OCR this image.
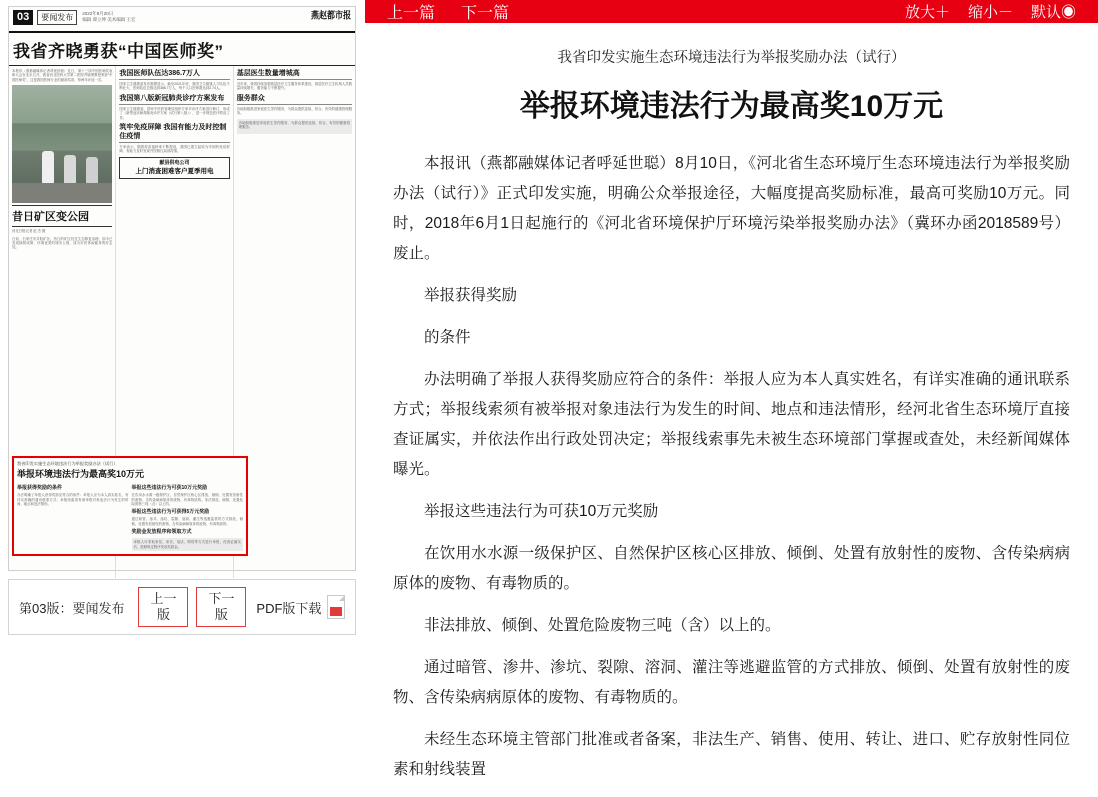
03	要闻发布	2022年8月20日
编辑 谭立坤 美术编辑 王宏	燕赵都市报
我省齐晓勇获“中国医师奖”
本报讯（燕都融媒体记者呼延世聪）近日，第十三届中国医师奖表彰大会在北京召开，我省河北医科大学第二医院齐晓勇教授荣获“中国医师奖”，这是我国医师行业的最高奖项，每两年评选一次。
昔日矿区变公园
河北日报记者 赵 杰 摄
日前，石家庄市井陉矿区，昔日的矿区经过生态修复治理，如今已变成绿树成荫、环境优美的城市公园，成为市民休闲健身的好去处。
我国医师队伍达386.7万人
国家卫生健康委发布数据显示，截至2021年底，我国卫生健康人才队伍不断壮大，医师队伍总数达到386.7万人，每千人口医师数达到2.74人。
我国第八版新冠肺炎诊疗方案发布
国家卫生健康委、国家中医药管理局组织专家对诊疗方案进行修订，形成了《新型冠状病毒肺炎诊疗方案（试行第八版）》，进一步规范医疗救治工作。
筑牢免疫屏障 我国有能力及时控制住疫情
专家表示，随着疫苗接种率不断提高，我国已建立起较为牢固的免疫屏障，有能力及时发现并控制住局部疫情。
献县供电公司
上门消查困难客户夏季用电
基层医生数量增城高
近年来，我国持续加强基层医疗卫生服务体系建设，基层医疗卫生机构人员数量持续增长，服务能力不断提升。
服务群众
各地积极推进家庭医生签约服务，为群众提供连续、综合、有效的健康管理服务。
各地积极推进家庭医生签约服务，为群众提供连续、综合、有效的健康管理服务。
我省印发实施生态环境违法行为举报奖励办法（试行）
举报环境违法行为最高奖10万元
举报获得奖励的条件
办法明确了举报人获得奖励应符合的条件：举报人应为本人真实姓名，有详实准确的通讯联系方式；举报线索须有被举报对象违法行为发生的时间、地点和违法情形。
举报这些违法行为可获10万元奖励
在饮用水水源一级保护区、自然保护区核心区排放、倾倒、处置有放射性的废物、含传染病病原体的废物、有毒物质的。非法排放、倾倒、处置危险废物三吨（含）以上的。
举报这些违法行为可获得5万元奖励
通过暗管、渗井、渗坑、裂隙、溶洞、灌注等逃避监管的方式排放、倾倒、处置有放射性的废物、含传染病病原体的废物、有毒物质的。
奖励金发放程序和领取方式
举报人可采取来信、来访、电话、网络等方式进行举报，经查证属实后，按照规定程序发放奖励金。
第03版：要闻发布
上一版
下一版	PDF版下载
上一篇 下一篇	放大＋ 缩小－ 默认◉
我省印发实施生态环境违法行为举报奖励办法（试行）
举报环境违法行为最高奖10万元

本报讯（燕都融媒体记者呼延世聪）8月10日，《河北省生态环境厅生态环境违法行为举报奖励办法（试行）》正式印发实施，明确公众举报途径，大幅度提高奖励标准，最高可奖励10万元。同时，2018年6月1日起施行的《河北省环境保护厅环境污染举报奖励办法》（冀环办函2018589号）废止。

举报获得奖励

的条件

办法明确了举报人获得奖励应符合的条件：举报人应为本人真实姓名，有详实准确的通讯联系方式；举报线索须有被举报对象违法行为发生的时间、地点和违法情形，经河北省生态环境厅直接查证属实，并依法作出行政处罚决定；举报线索事先未被生态环境部门掌握或查处，未经新闻媒体曝光。

举报这些违法行为可获10万元奖励

在饮用水水源一级保护区、自然保护区核心区排放、倾倒、处置有放射性的废物、含传染病病原体的废物、有毒物质的。

非法排放、倾倒、处置危险废物三吨（含）以上的。

通过暗管、渗井、渗坑、裂隙、溶洞、灌注等逃避监管的方式排放、倾倒、处置有放射性的废物、含传染病病原体的废物、有毒物质的。

未经生态环境主管部门批准或者备案，非法生产、销售、使用、转让、进口、贮存放射性同位素和射线装置
